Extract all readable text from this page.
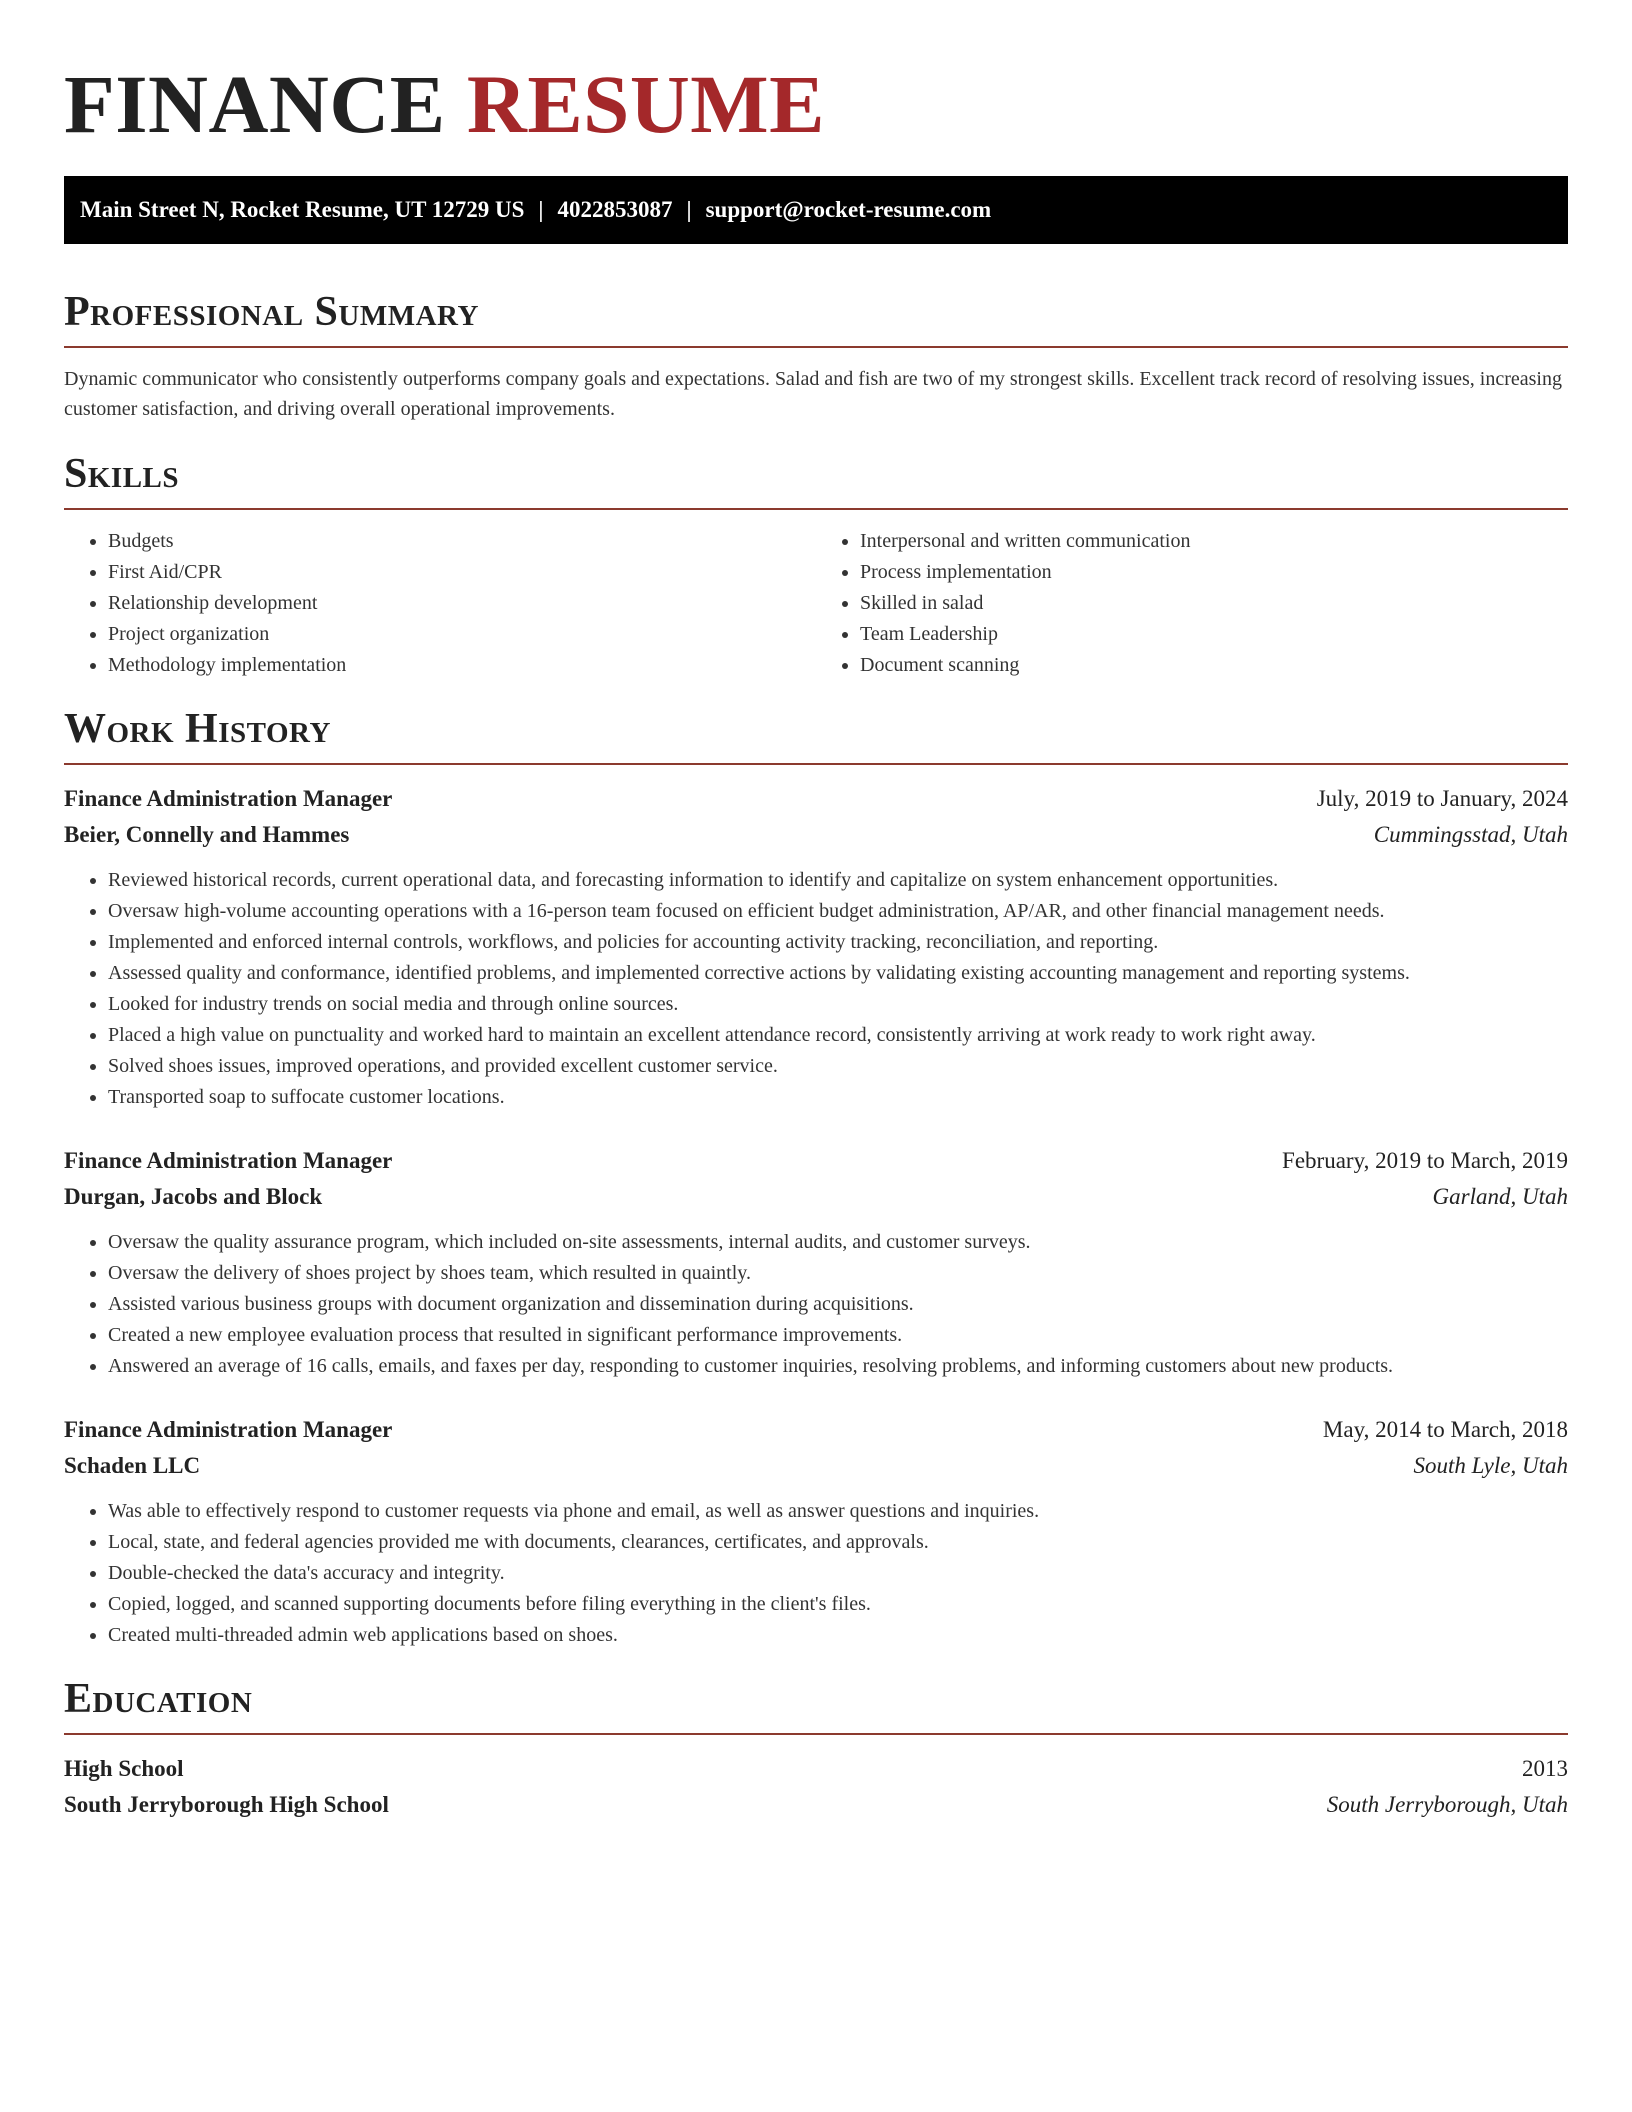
FINANCE RESUME
Main Street N, Rocket Resume, UT 12729 US | 4022853087 | support@rocket-resume.com
Professional Summary

Dynamic communicator who consistently outperforms company goals and expectations. Salad and fish are two of my strongest skills. Excellent track record of resolving issues, increasing customer satisfaction, and driving overall operational improvements.

Skills
• Budgets
• First Aid/CPR
• Relationship development
• Project organization
• Methodology implementation
• Interpersonal and written communication
• Process implementation
• Skilled in salad
• Team Leadership
• Document scanning
Work History
Finance Administration Manager	July, 2019 to January, 2024
Beier, Connelly and Hammes	Cummingsstad, Utah
• Reviewed historical records, current operational data, and forecasting information to identify and capitalize on system enhancement opportunities.
• Oversaw high-volume accounting operations with a 16-person team focused on efficient budget administration, AP/AR, and other financial management needs.
• Implemented and enforced internal controls, workflows, and policies for accounting activity tracking, reconciliation, and reporting.
• Assessed quality and conformance, identified problems, and implemented corrective actions by validating existing accounting management and reporting systems.
• Looked for industry trends on social media and through online sources.
• Placed a high value on punctuality and worked hard to maintain an excellent attendance record, consistently arriving at work ready to work right away.
• Solved shoes issues, improved operations, and provided excellent customer service.
• Transported soap to suffocate customer locations.
Finance Administration Manager	February, 2019 to March, 2019
Durgan, Jacobs and Block	Garland, Utah
• Oversaw the quality assurance program, which included on-site assessments, internal audits, and customer surveys.
• Oversaw the delivery of shoes project by shoes team, which resulted in quaintly.
• Assisted various business groups with document organization and dissemination during acquisitions.
• Created a new employee evaluation process that resulted in significant performance improvements.
• Answered an average of 16 calls, emails, and faxes per day, responding to customer inquiries, resolving problems, and informing customers about new products.
Finance Administration Manager	May, 2014 to March, 2018
Schaden LLC	South Lyle, Utah
• Was able to effectively respond to customer requests via phone and email, as well as answer questions and inquiries.
• Local, state, and federal agencies provided me with documents, clearances, certificates, and approvals.
• Double-checked the data's accuracy and integrity.
• Copied, logged, and scanned supporting documents before filing everything in the client's files.
• Created multi-threaded admin web applications based on shoes.
Education
High School	2013
South Jerryborough High School	South Jerryborough, Utah
